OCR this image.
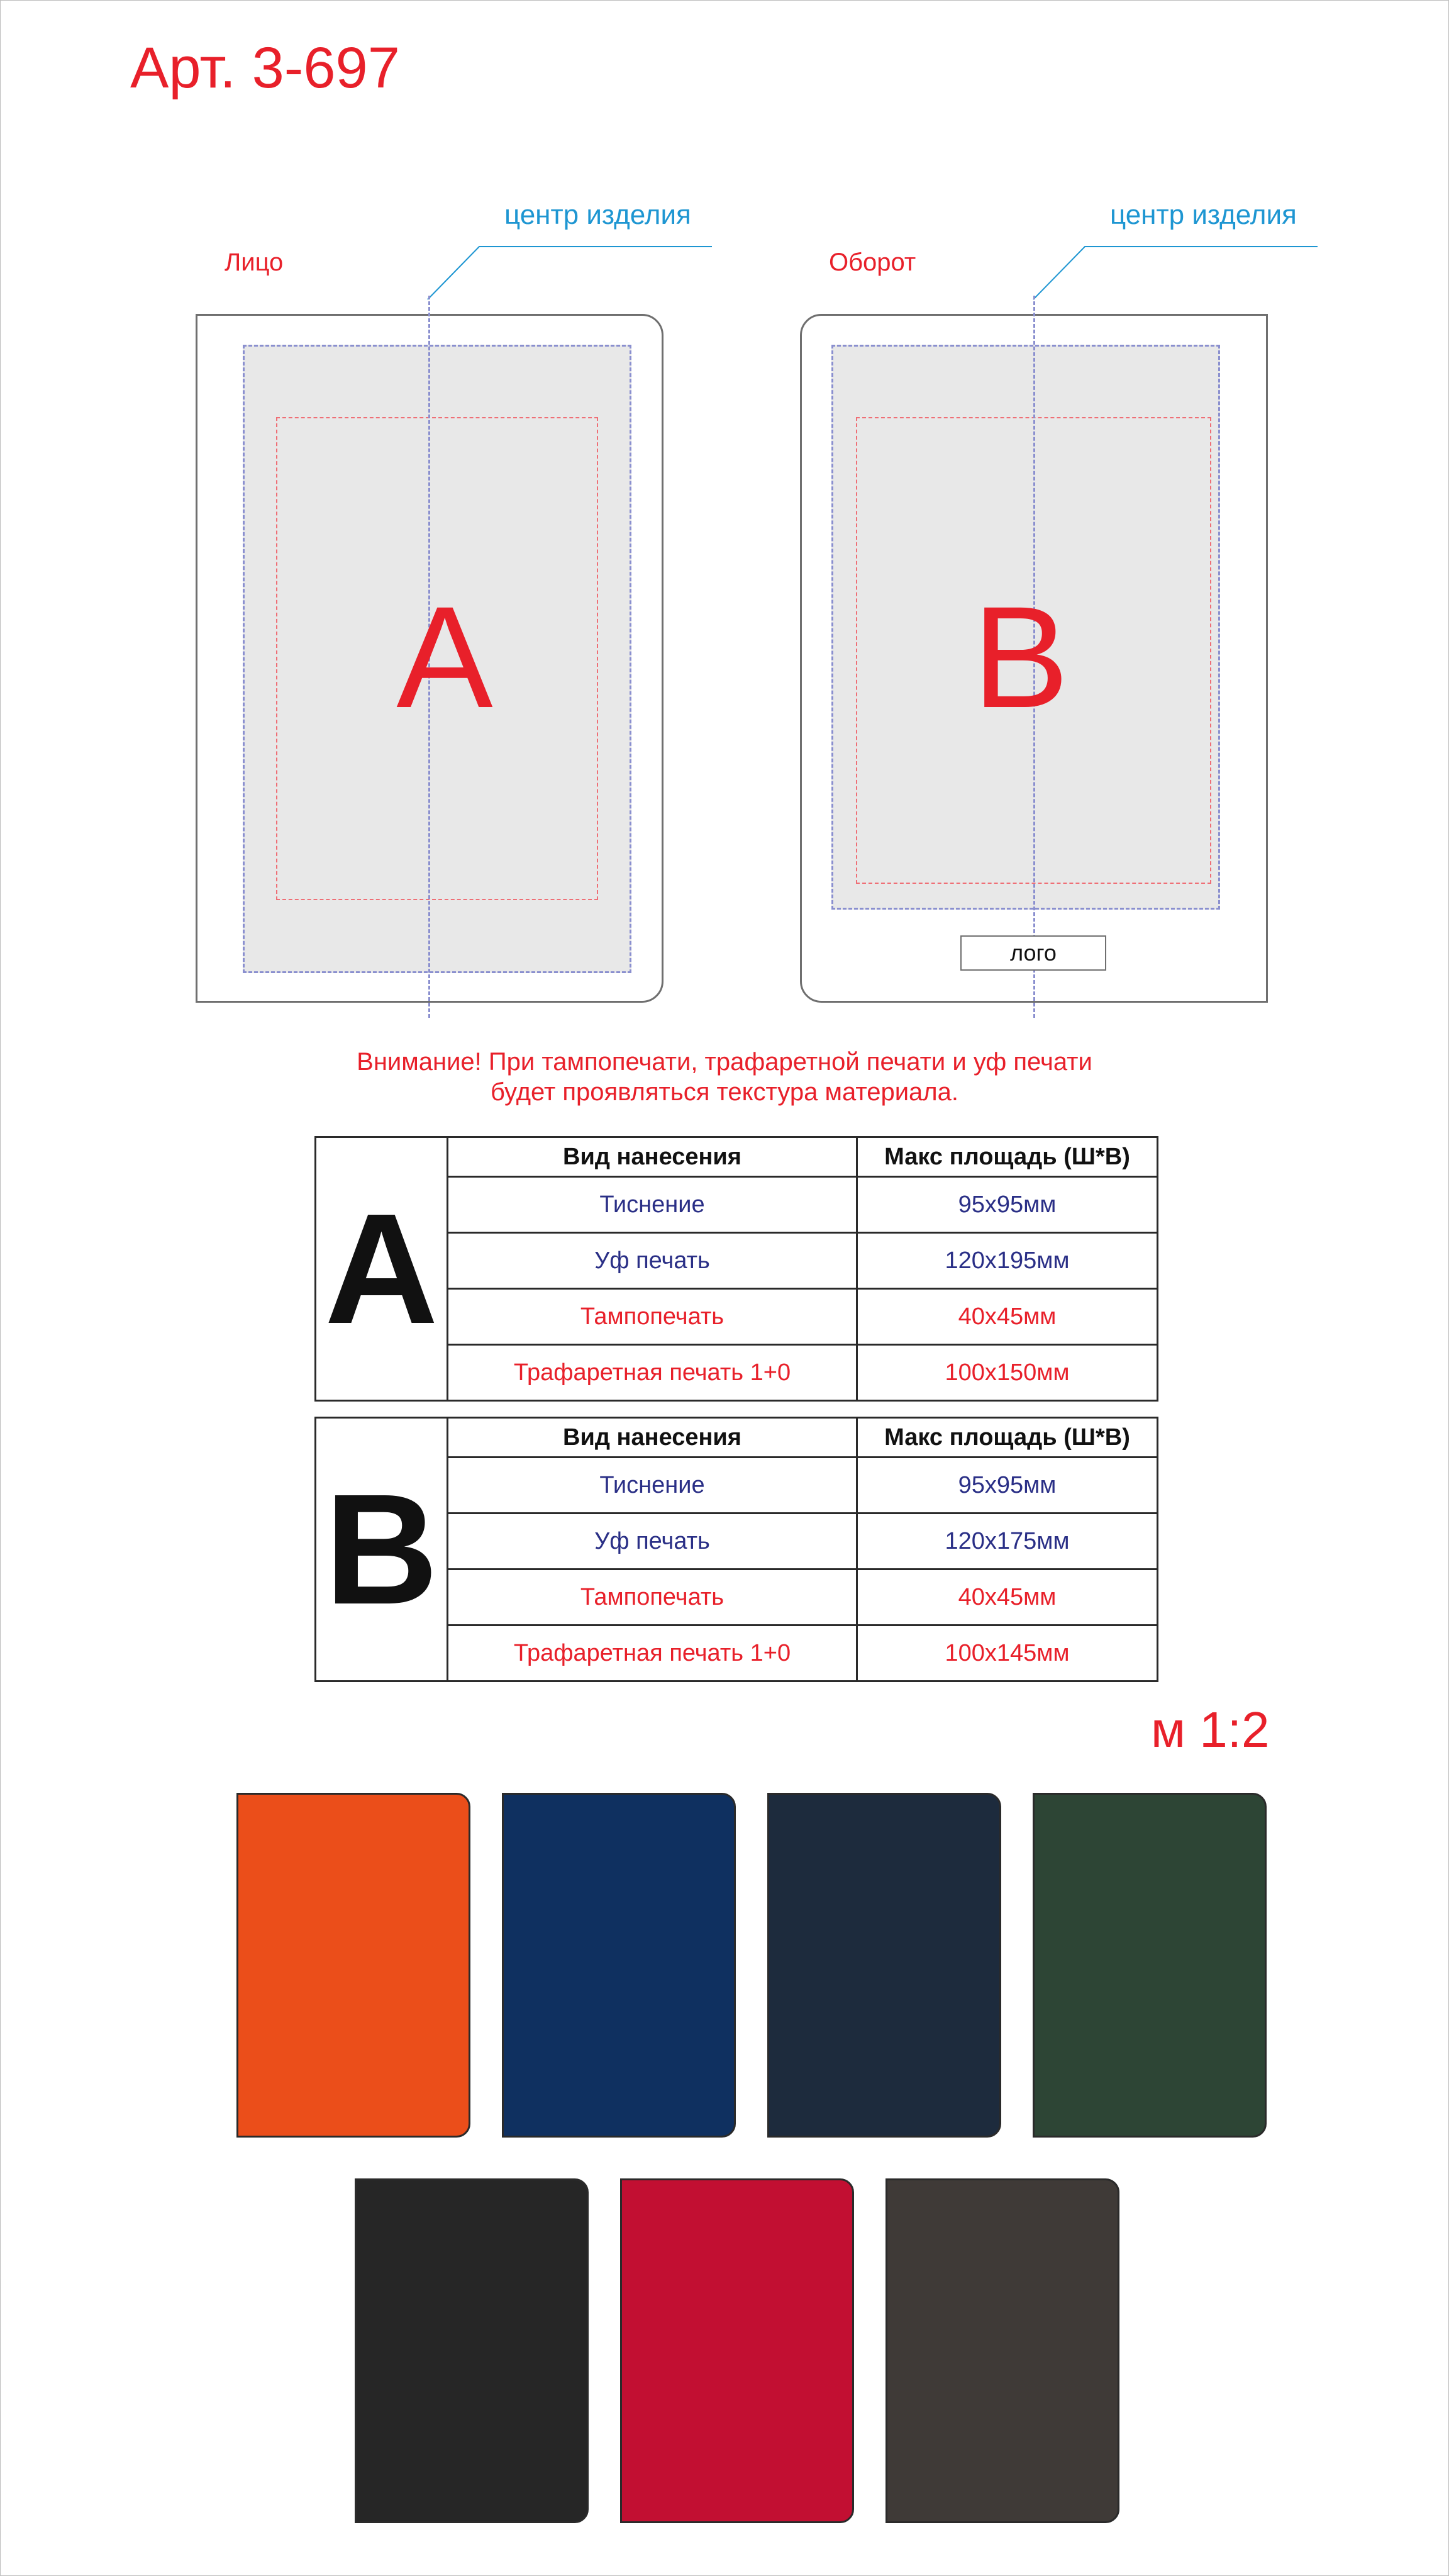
Арт. 3-697
Лицо
центр изделия
А
Оборот
центр изделия
В
лого
Внимание! При тампопечати, трафаретной печати и уф печати
будет проявляться текстура материала.
А	Вид нанесения	Макс площадь (Ш*В)
	Тиснение	95х95мм
	Уф печать	120х195мм
	Тампопечать	40х45мм
	Трафаретная печать 1+0	100х150мм
В	Вид нанесения	Макс площадь (Ш*В)
	Тиснение	95х95мм
	Уф печать	120х175мм
	Тампопечать	40х45мм
	Трафаретная печать 1+0	100х145мм
м 1:2
